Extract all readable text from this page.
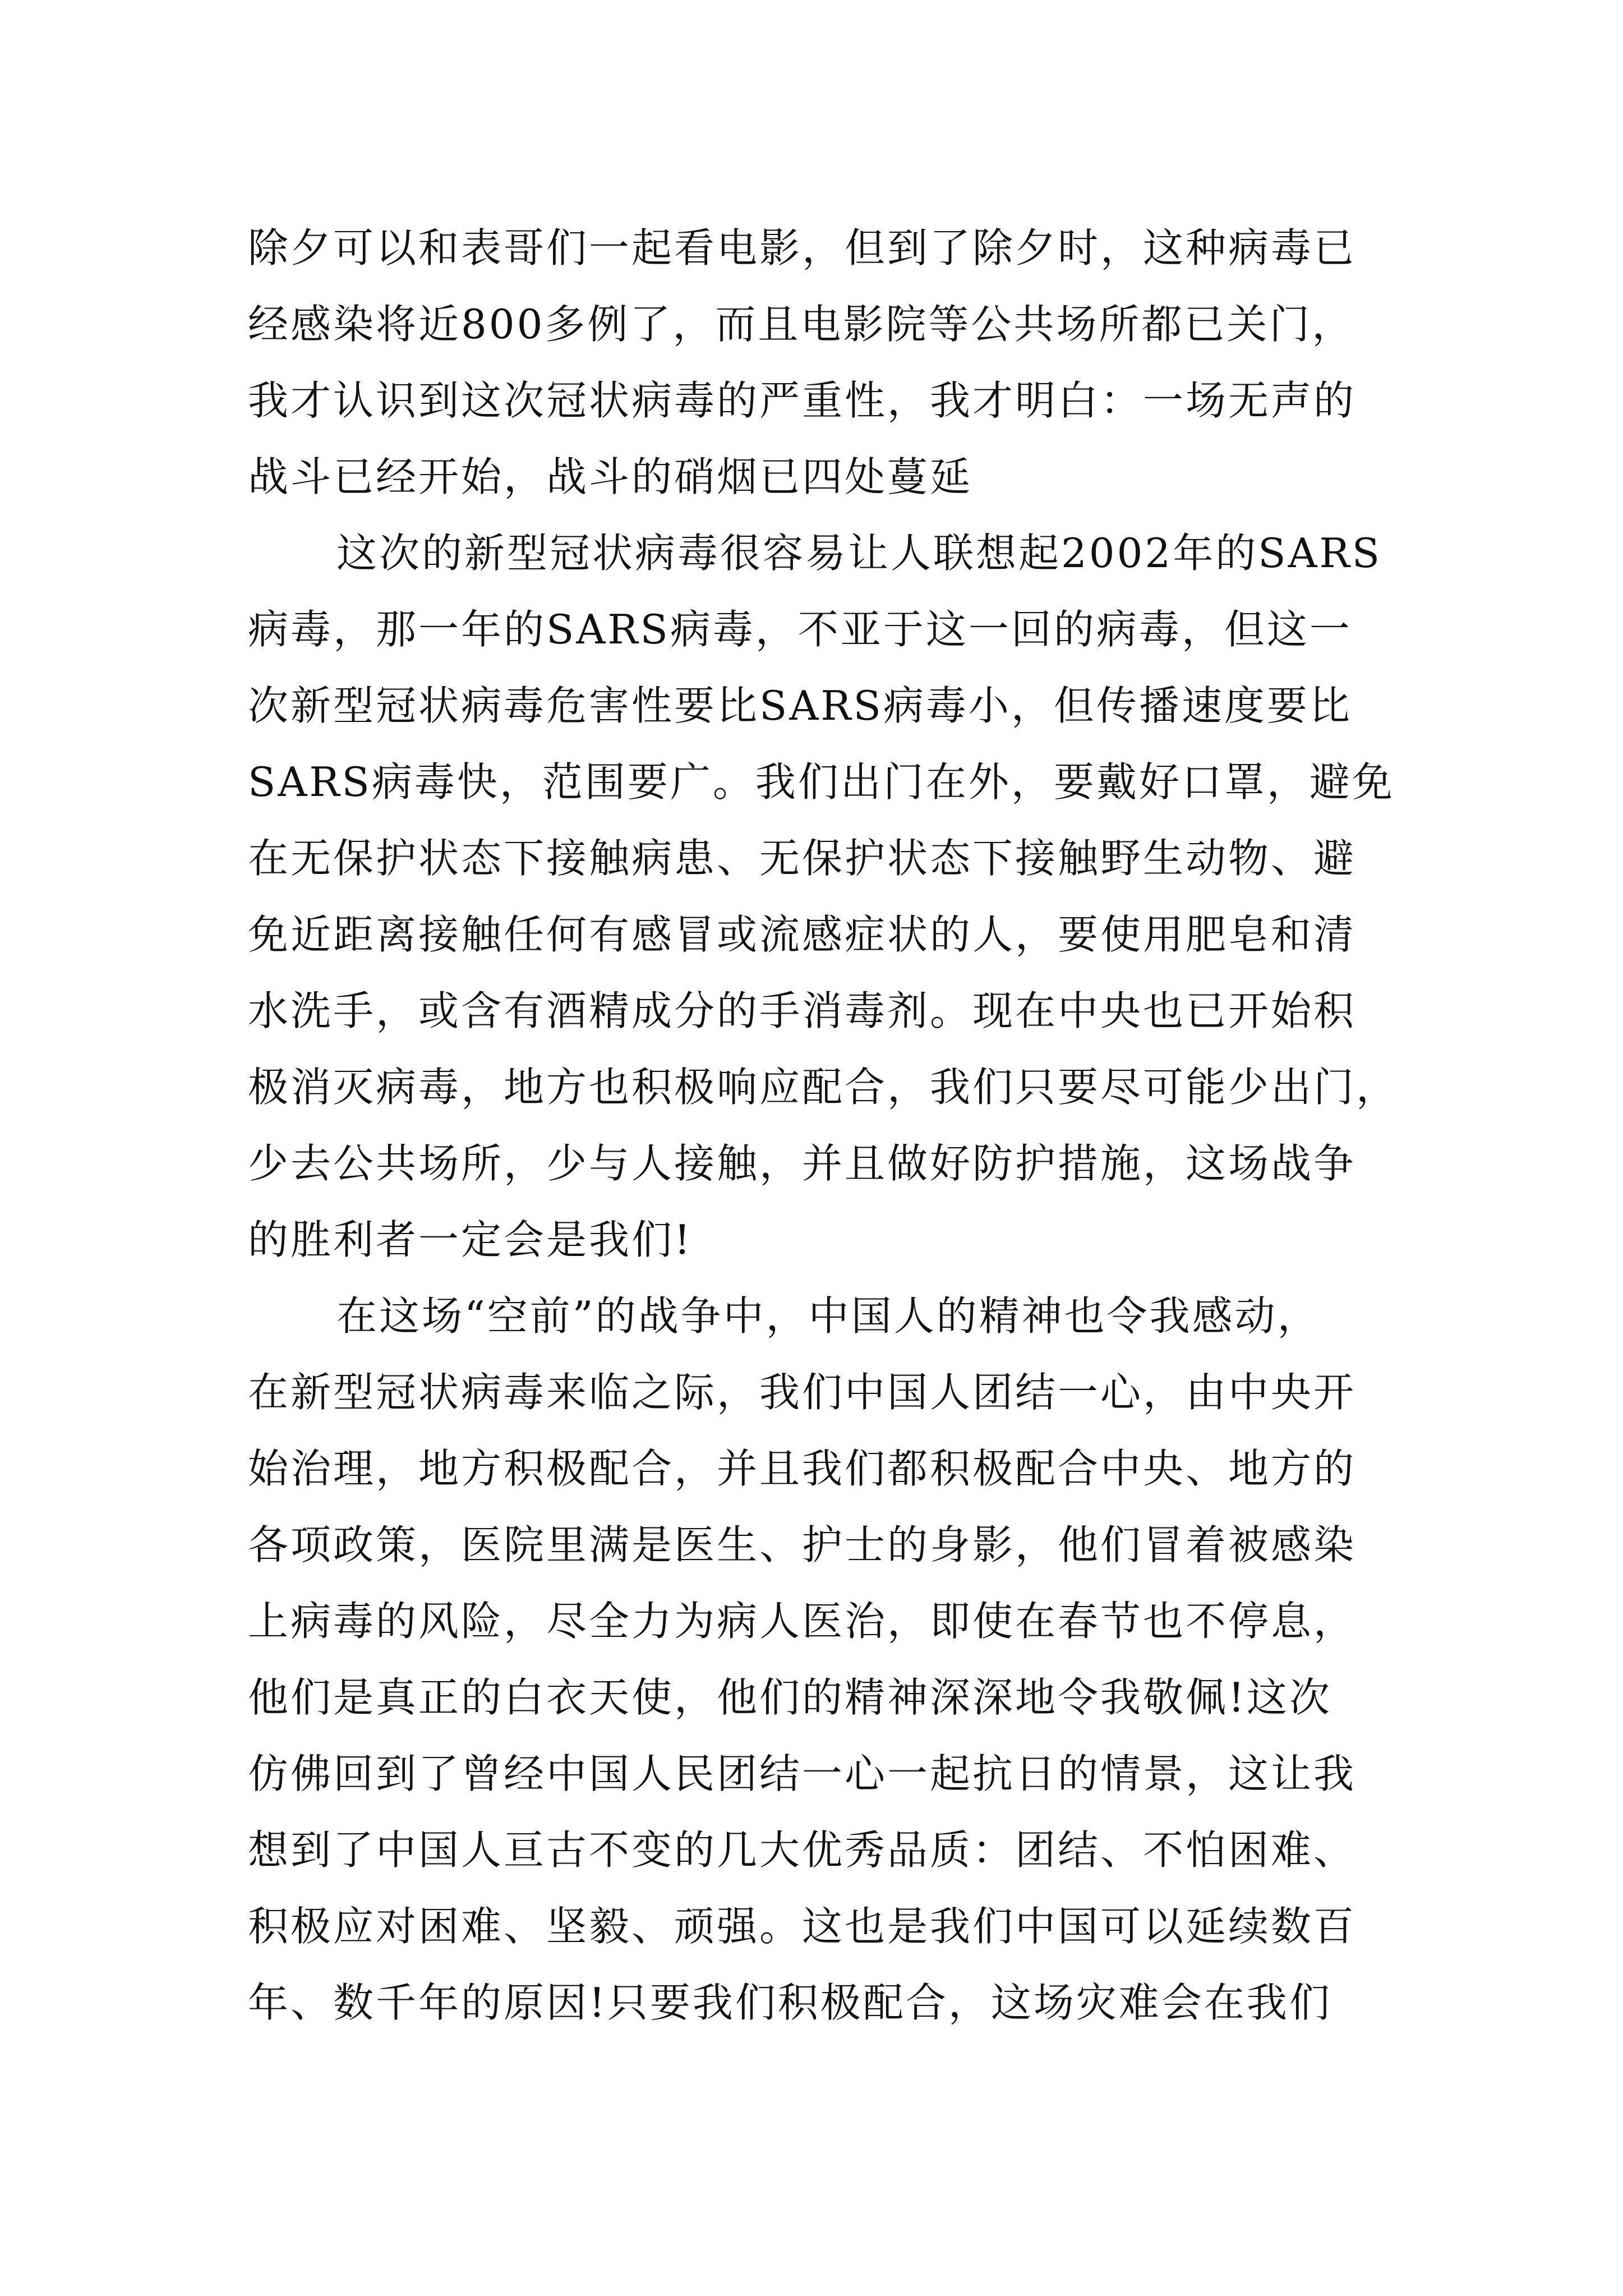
除夕可以和表哥们一起看电影，但到了除夕时，这种病毒已
经感染将近800多例了，而且电影院等公共场所都已关门，
我才认识到这次冠状病毒的严重性，我才明白：一场无声的
战斗已经开始，战斗的硝烟已四处蔓延
这次的新型冠状病毒很容易让人联想起2002年的SARS
病毒，那一年的SARS病毒，不亚于这一回的病毒，但这一
次新型冠状病毒危害性要比SARS病毒小，但传播速度要比
SARS病毒快，范围要广。我们出门在外，要戴好口罩，避免
在无保护状态下接触病患、无保护状态下接触野生动物、避
免近距离接触任何有感冒或流感症状的人，要使用肥皂和清
水洗手，或含有酒精成分的手消毒剂。现在中央也已开始积
极消灭病毒，地方也积极响应配合，我们只要尽可能少出门，
少去公共场所，少与人接触，并且做好防护措施，这场战争
的胜利者一定会是我们!
在这场“空前”的战争中，中国人的精神也令我感动，
在新型冠状病毒来临之际，我们中国人团结一心，由中央开
始治理，地方积极配合，并且我们都积极配合中央、地方的
各项政策，医院里满是医生、护士的身影，他们冒着被感染
上病毒的风险，尽全力为病人医治，即使在春节也不停息，
他们是真正的白衣天使，他们的精神深深地令我敬佩!这次
仿佛回到了曾经中国人民团结一心一起抗日的情景，这让我
想到了中国人亘古不变的几大优秀品质：团结、不怕困难、
积极应对困难、坚毅、顽强。这也是我们中国可以延续数百
年、数千年的原因!只要我们积极配合，这场灾难会在我们
